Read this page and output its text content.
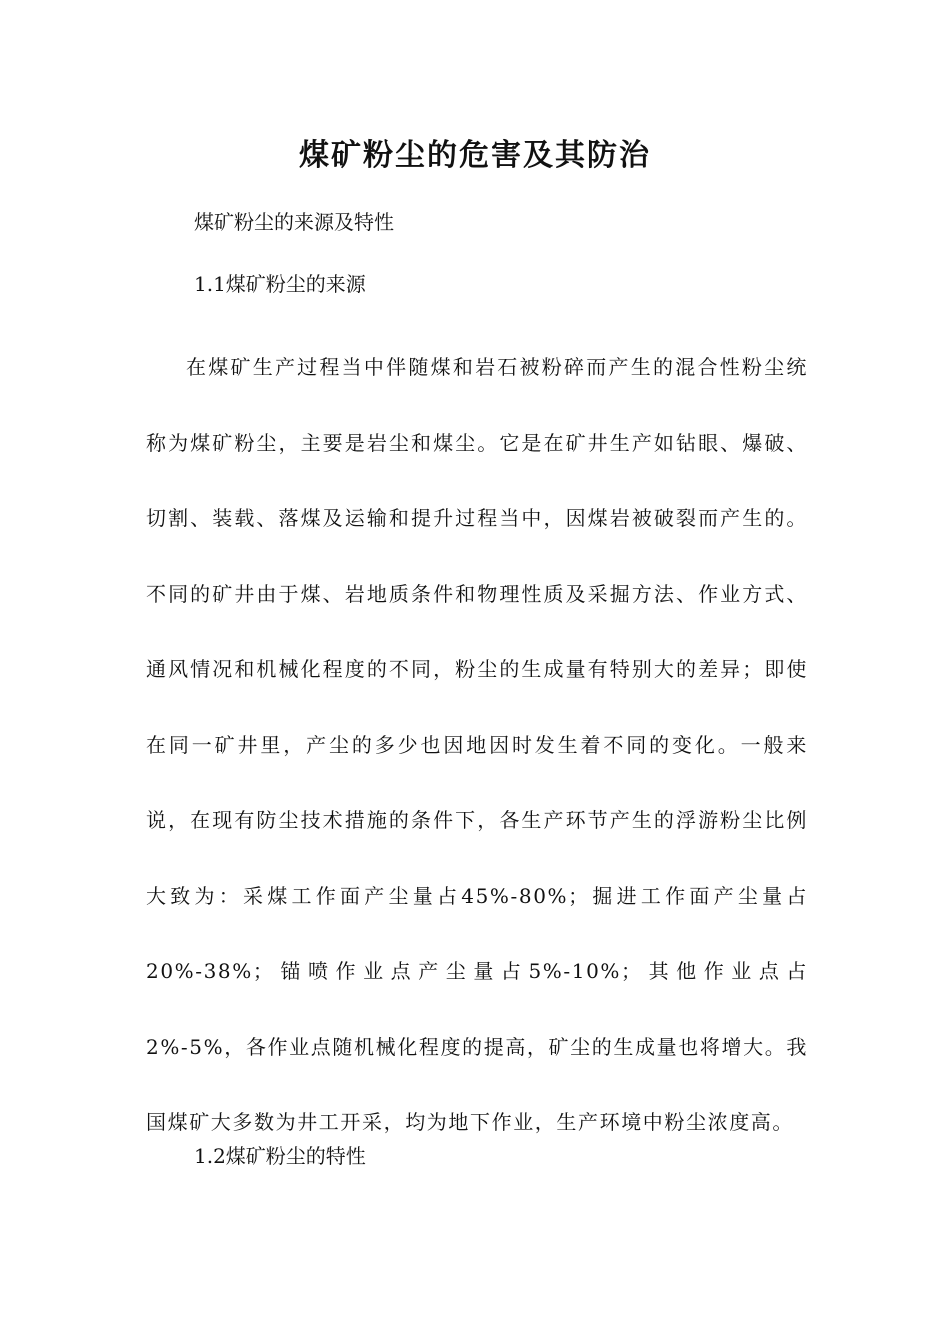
煤矿粉尘的危害及其防治

煤矿粉尘的来源及特性

1.1煤矿粉尘的来源

在煤矿生产过程当中伴随煤和岩石被粉碎而产生的混合性粉尘统称为煤矿粉尘，主要是岩尘和煤尘。它是在矿井生产如钻眼、爆破、切割、装载、落煤及运输和提升过程当中，因煤岩被破裂而产生的。不同的矿井由于煤、岩地质条件和物理性质及采掘方法、作业方式、通风情况和机械化程度的不同，粉尘的生成量有特别大的差异；即使在同一矿井里，产尘的多少也因地因时发生着不同的变化。一般来说，在现有防尘技术措施的条件下，各生产环节产生的浮游粉尘比例大致为：采煤工作面产尘量占45%-80%；掘进工作面产尘量占20%-38%；锚喷作业点产尘量占5%-10%；其他作业点占2%-5%，各作业点随机械化程度的提高，矿尘的生成量也将增大。我国煤矿大多数为井工开采，均为地下作业，生产环境中粉尘浓度高。

1.2煤矿粉尘的特性
